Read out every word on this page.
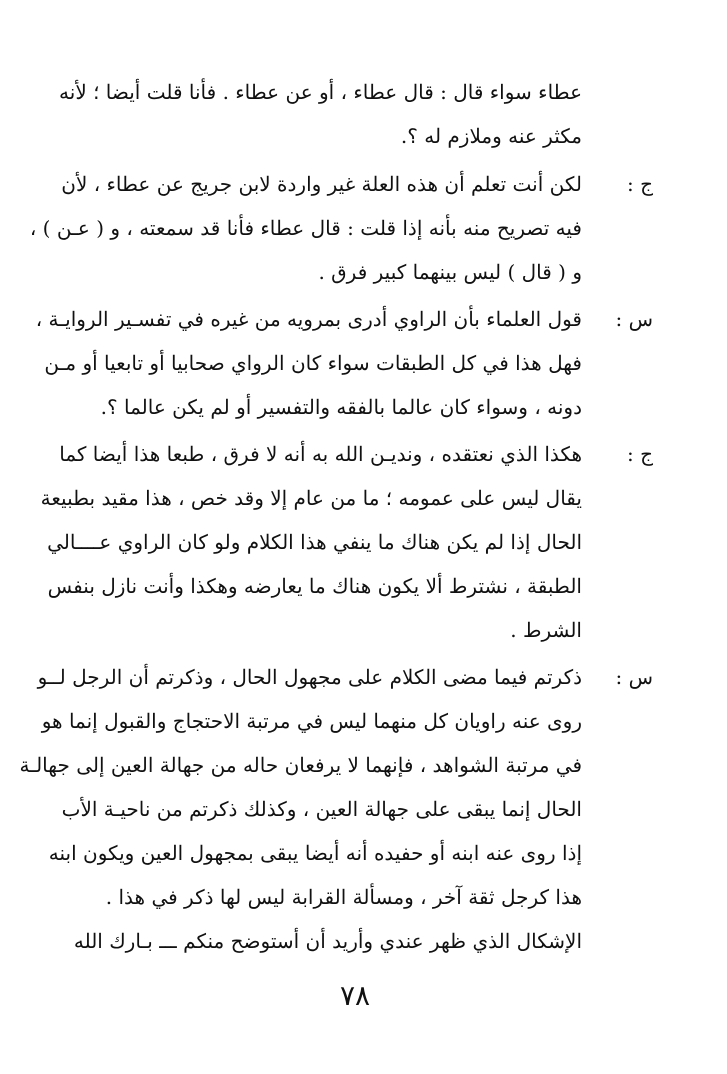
عطاء سواء قال : قال عطاء ، أو عن عطاء . فأنا قلت أيضا ؛ لأنه
مكثر عنه وملازم له ؟.
ج :
لكن أنت تعلم أن هذه العلة غير واردة لابن جريج عن عطاء ، لأن
فيه تصريح منه بأنه إذا قلت : قال عطاء فأنا قد سمعته ، و ( عـن ) ،
و ( قال ) ليس بينهما كبير فرق .
س :
قول العلماء بأن الراوي أدرى بمرويه من غيره في تفسـير الروايـة ،
فهل هذا في كل الطبقات سواء كان الرواي صحابيا أو تابعيا أو مـن
دونه ، وسواء كان عالما بالفقه والتفسير أو لم يكن عالما ؟.
ج :
هكذا الذي نعتقده ، ونديـن الله به أنه لا فرق ، طبعا هذا أيضا كما
يقال ليس على عمومه ؛ ما من عام إلا وقد خص ، هذا مقيد بطبيعة
الحال إذا لم يكن هناك ما ينفي هذا الكلام ولو كان الراوي عــــالي
الطبقة ، نشترط ألا يكون هناك ما يعارضه وهكذا وأنت نازل بنفس
الشرط .
س :
ذكرتم فيما مضى الكلام على مجهول الحال ، وذكرتم أن الرجل لــو
روى عنه راويان كل منهما ليس في مرتبة الاحتجاج والقبول إنما هو
في مرتبة الشواهد ، فإنهما لا يرفعان حاله من جهالة العين إلى جهالـة
الحال إنما يبقى على جهالة العين ، وكذلك ذكرتم من ناحيـة الأب
إذا روى عنه ابنه أو حفيده أنه أيضا يبقى بمجهول العين ويكون ابنه
هذا كرجل ثقة آخر ، ومسألة القرابة ليس لها ذكر في هذا .
الإشكال الذي ظهر عندي وأريد أن أستوضح منكم ـــ بـارك الله
٧٨
